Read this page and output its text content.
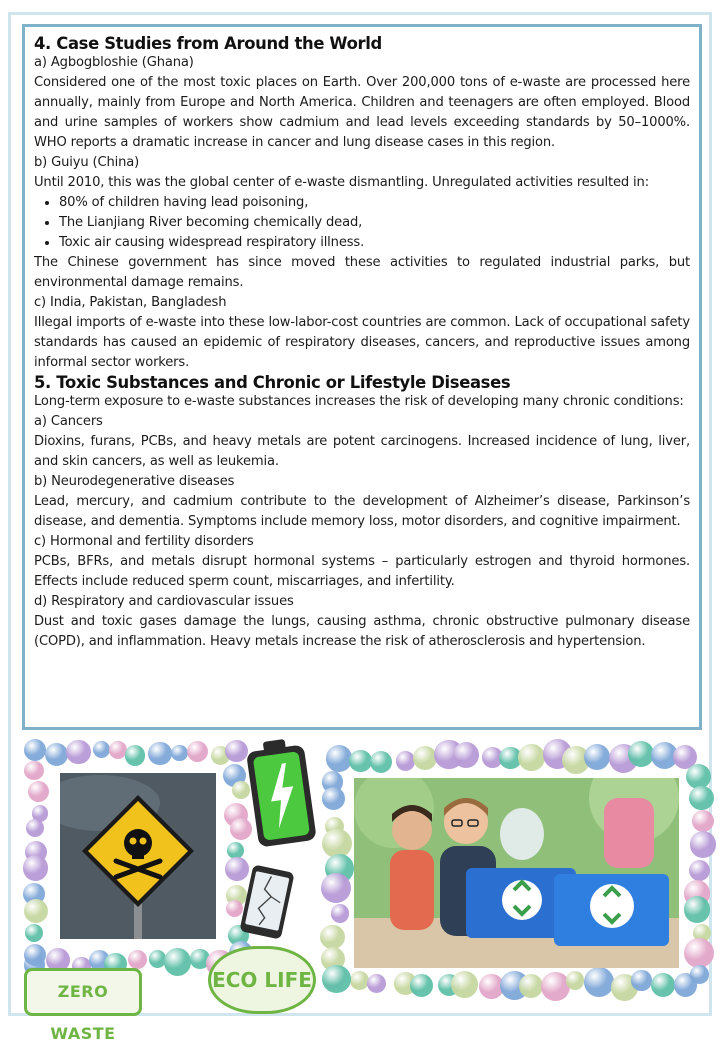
4. Case Studies from Around the World

a) Agbogbloshie (Ghana)

Considered one of the most toxic places on Earth. Over 200,000 tons of e-waste are processed here annually, mainly from Europe and North America. Children and teenagers are often employed. Blood and urine samples of workers show cadmium and lead levels exceeding standards by 50–1000%. WHO reports a dramatic increase in cancer and lung disease cases in this region.

b) Guiyu (China)

Until 2010, this was the global center of e-waste dismantling. Unregulated activities resulted in:

• 80% of children having lead poisoning,
• The Lianjiang River becoming chemically dead,
• Toxic air causing widespread respiratory illness.

The Chinese government has since moved these activities to regulated industrial parks, but environmental damage remains.

c) India, Pakistan, Bangladesh

Illegal imports of e-waste into these low-labor-cost countries are common. Lack of occupational safety standards has caused an epidemic of respiratory diseases, cancers, and reproductive issues among informal sector workers.

5. Toxic Substances and Chronic or Lifestyle Diseases

Long-term exposure to e-waste substances increases the risk of developing many chronic conditions:

a) Cancers

Dioxins, furans, PCBs, and heavy metals are potent carcinogens. Increased incidence of lung, liver, and skin cancers, as well as leukemia.

b) Neurodegenerative diseases

Lead, mercury, and cadmium contribute to the development of Alzheimer’s disease, Parkinson’s disease, and dementia. Symptoms include memory loss, motor disorders, and cognitive impairment.

c) Hormonal and fertility disorders

PCBs, BFRs, and metals disrupt hormonal systems – particularly estrogen and thyroid hormones. Effects include reduced sperm count, miscarriages, and infertility.

d) Respiratory and cardiovascular issues

Dust and toxic gases damage the lungs, causing asthma, chronic obstructive pulmonary disease (COPD), and inflammation. Heavy metals increase the risk of atherosclerosis and hypertension.

ZERO WASTE
ECO LIFE
